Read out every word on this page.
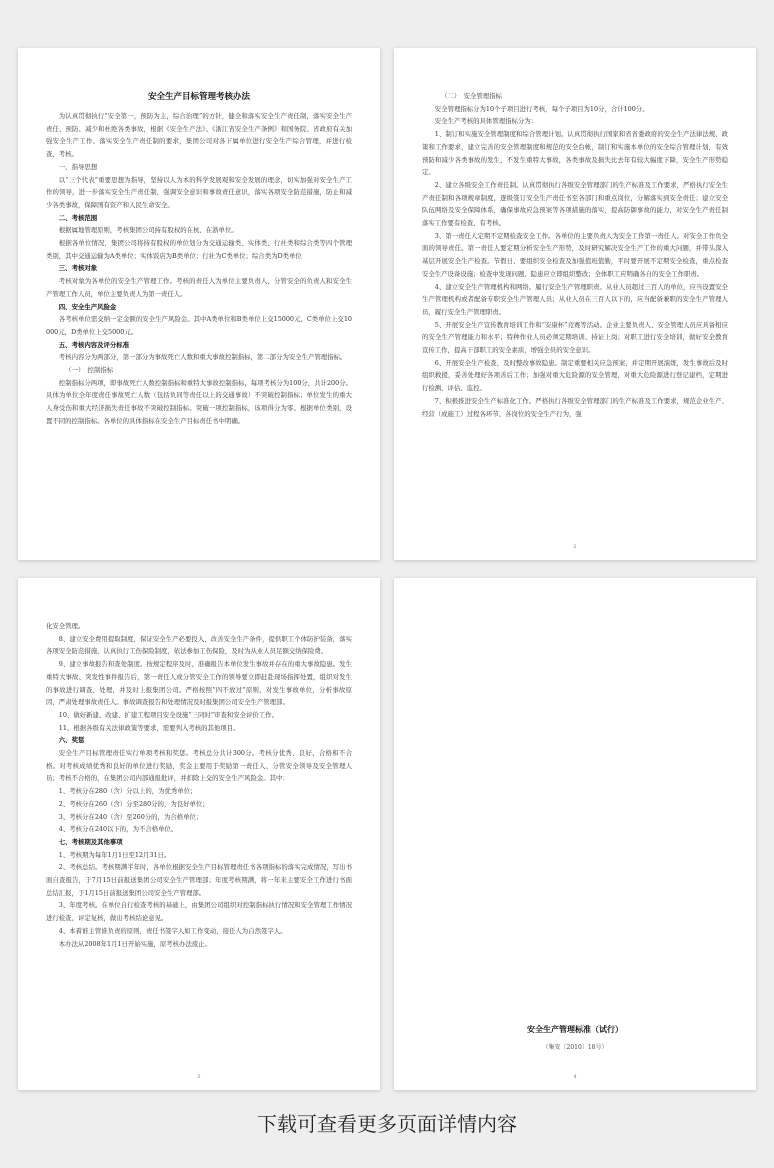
安全生产目标管理考核办法

为认真贯彻执行“安全第一，预防为主，综合治理”的方针，健全和落实安全生产责任制，落实安全生产责任、预防、减少和杜绝各类事故，根据《安全生产法》、《浙江省安全生产条例》和国务院、省政府有关加强安全生产工作、落实安全生产责任制的要求，集团公司对各下属单位进行安全生产综合管理，并进行检查、考核。

一、指导思想

以“三个代表”重要思想为指导，坚持以人为本的科学发展观和安全发展的理念，切实加强对安全生产工作的领导，进一步落实安全生产责任制，强调安全意识和事故责任意识，落实各项安全防范措施，防止和减少各类事故，保障国有资产和人民生命安全。

二、考核范围

根据属地管理原则，考核集团公司持有股权的在杭、在浙单位。

根据各单位情况，集团公司将持有股权的单位划分为交通运输类、实体类、行社类和综合类等四个管理类别，其中交通运输为A类单位；实体饭店为B类单位；行社为C类单位；综合类为D类单位

三、考核对象

考核对象为各单位的安全生产管理工作。考核的责任人为单位主要负责人、分管安全的负责人和安全生产管理工作人员，单位主要负责人为第一责任人。

四、安全生产风险金

各考核单位需交纳一定金额的安全生产风险金。其中A类单位和B类单位上交15000元，C类单位上交10000元，D类单位上交5000元。

五、考核内容及评分标准

考核内容分为两部分，第一部分为事故死亡人数和重大事故控制指标，第二部分为安全生产管理指标。

（一）　控制指标

控制指标分两项，即事故死亡人数控制指标和重特大事故控制指标，每项考核分为100分，共计200分。具体为单位全年度责任事故死亡人数（包括负同等责任以上的交通事故）不突破控制指标；单位发生的重大人身受伤和重大经济损失责任事故不突破控制指标。突破一项控制指标，该项得分为零。根据单位类别，设置不同的控制指标。各单位的具体指标在安全生产目标责任书中明确。

（二）　安全管理指标

安全管理指标分为10个子项目进行考核，每个子项目为10分，合计100分。

安全生产考核的具体管理指标分为：

1、制订和实施安全管理制度和综合管理计划。认真贯彻执行国家和省省委政府的安全生产法律法规、政策和工作要求，建立完善的安全管理制度和规范的安全台帐，制订和实施本单位的安全综合管理计划，有效预防和减少各类事故的发生，不发生重特大事故，各类事故及损失比去年有较大幅度下降，安全生产形势稳定。

2、建立各级安全工作责任制。认真贯彻执行各级安全管理部门的生产标准及工作要求，严格执行安全生产责任制和各项规章制度，逐级签订安全生产责任书至各部门和重点岗位，分解落实到安全责任；建立安全队伍网络及安全保障体系，确保事故应急预案等各项措施的落实，提高防御事故的能力，对安全生产责任制落实工作要有检查、有考核。

3、第一责任人定期不定期检查安全工作。各单位的主要负责人为安全工作第一责任人。对安全工作负全面的领导责任。第一责任人要定期分析安全生产形势，及时研究解决安全生产工作的重大问题，并带头深入基层开展安全生产检查。节假日、要组织安全检查及加强值班值勤，平时要开展不定期安全检查，重点检查安全生产设备设施；检查中发现问题、隐患应立即组织整改；全体职工应明确各自的安全工作职责。

4、建立安全生产管理机构和网络。履行安全生产管理职责。从业人员超过三百人的单位，应当设置安全生产管理机构或者配备专职安全生产管理人员；从业人员在三百人以下的，应当配备兼职的安全生产管理人员，履行安全生产管理职责。

5、开展安全生产宣传教育培训工作和“安康杯”竞赛等活动。企业主要负责人、安全管理人员应具备相应的安全生产管理能力和水平；特种作业人员必须定期培训、持证上岗；对职工进行安全培训，做好安全教育宣传工作，提高干部职工的安全素质，增强全员的安全意识。

6、开展安全生产检查，及时整改事故隐患。制定重要相关应急预案，并定期开展演练，发生事故后及时组织救援，妥善处理好各项善后工作；加强对重大危险源的安全管理，对重大危险源进行登记建档，定期进行检测、评估、监控。

7、积极推进安全生产标准化工作。严格执行各级安全管理部门的生产标准及工作要求，规范企业生产、经营（或施工）过程各环节、各岗位的安全生产行为，强

2

化安全管理。

8、建立安全费用提取制度，保证安全生产必要投入，改善安全生产条件，提供职工个体防护装备，落实各项安全防范措施，认真执行工伤保险制度，依法参加工伤保险，及时为从业人员足额交纳保险费。

9、建立事故报告和查处制度。按规定程序及时、准确报告本单位发生事故并存在的重大事故隐患。发生重特大事故、突发性事件报告后，第一责任人或分管安全工作的领导要立即赶赴现场指挥处置，组织对发生的事故进行调查、处理，并及时上报集团公司。严格按照“四不放过”原则，对发生事故单位，分析事故原因，严肃处理事故责任人。事故调查报告和处理情况及时报集团公司安全生产管理部。

10、做好新建、改建、扩建工程项目安全设施“三同时”审查和安全评价工作。

11、根据各级有关法律政策等要求，需要列入考核的其他项目。

六、奖惩

安全生产目标管理责任实行单项考核和奖惩。考核总分共计300分。考核分优秀、良好、合格和不合格。对考核成绩优秀和良好的单位进行奖励，奖金主要用于奖励第一责任人、分管安全领导及安全管理人员；考核不合格的，在集团公司内部通报批评，并扣除上交的安全生产风险金。其中：

1、考核分在280（含）分以上的，为优秀单位；

2、考核分在260（含）分至280分的，为良好单位；

3、考核分在240（含）至260分的，为合格单位；

4、考核分在240以下的，为不合格单位。

七、考核期及其他事项

1、考核期为每年1月1日至12月31日。

2、考核总结。考核期满半年时，各单位根据安全生产目标管理责任书各项指标的落实完成情况，写出书面自查报告，于7月15日前报送集团公司安全生产管理部；年度考核期满，将一年来主要安全工作进行书面总结汇报，于1月15日前报送集团公司安全生产管理部。

3、年度考核。在单位自行检查考核的基础上，由集团公司组织对控制指标执行情况和安全管理工作情况进行检查、评定复核，做出考核结论意见。

4、本着谁主管谁负责的原则，责任书签字人如工作变动，接任人为自然签字人。

本办法从2008年1月1日开始实施，原考核办法废止。

3
安全生产管理标准（试行）
（集安〔2010〕18号）
4
下载可查看更多页面详情内容
